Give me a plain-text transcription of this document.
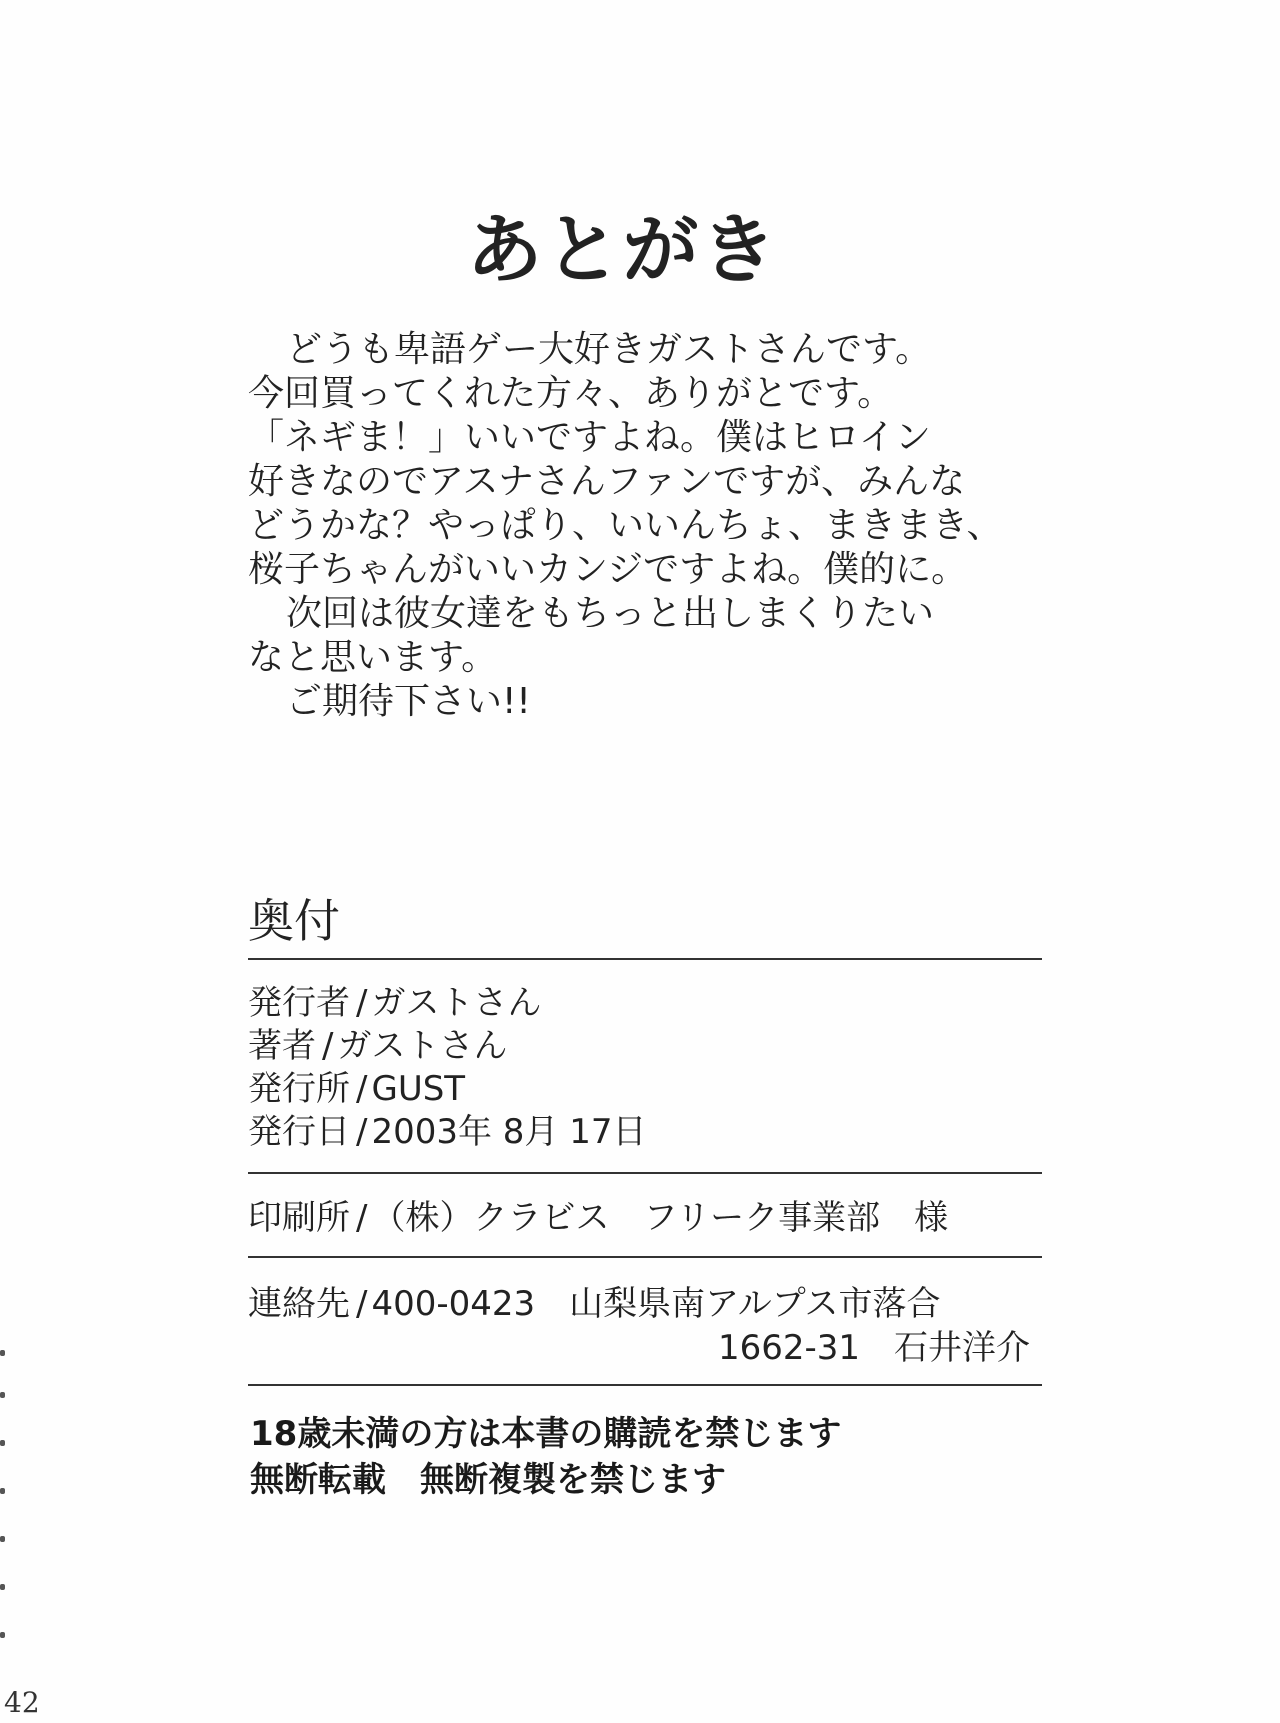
あとがき
どうも卑語ゲー大好きガストさんです。
今回買ってくれた方々、ありがとです。
「ネギま！」いいですよね。僕はヒロイン
好きなのでアスナさんファンですが、みんな
どうかな？やっぱり、いいんちょ、まきまき、
桜子ちゃんがいいカンジですよね。僕的に。
次回は彼女達をもちっと出しまくりたい
なと思います。
ご期待下さい!!
奥付
発行者 / ガストさん
著者 / ガストさん
発行所 / GUST
発行日 / 2003年 8月 17日
印刷所 / （株）クラビス　フリーク事業部　様
連絡先 / 400-0423　山梨県南アルプス市落合
1662-31　石井洋介
18歳未満の方は本書の購読を禁じます
無断転載　無断複製を禁じます
42
